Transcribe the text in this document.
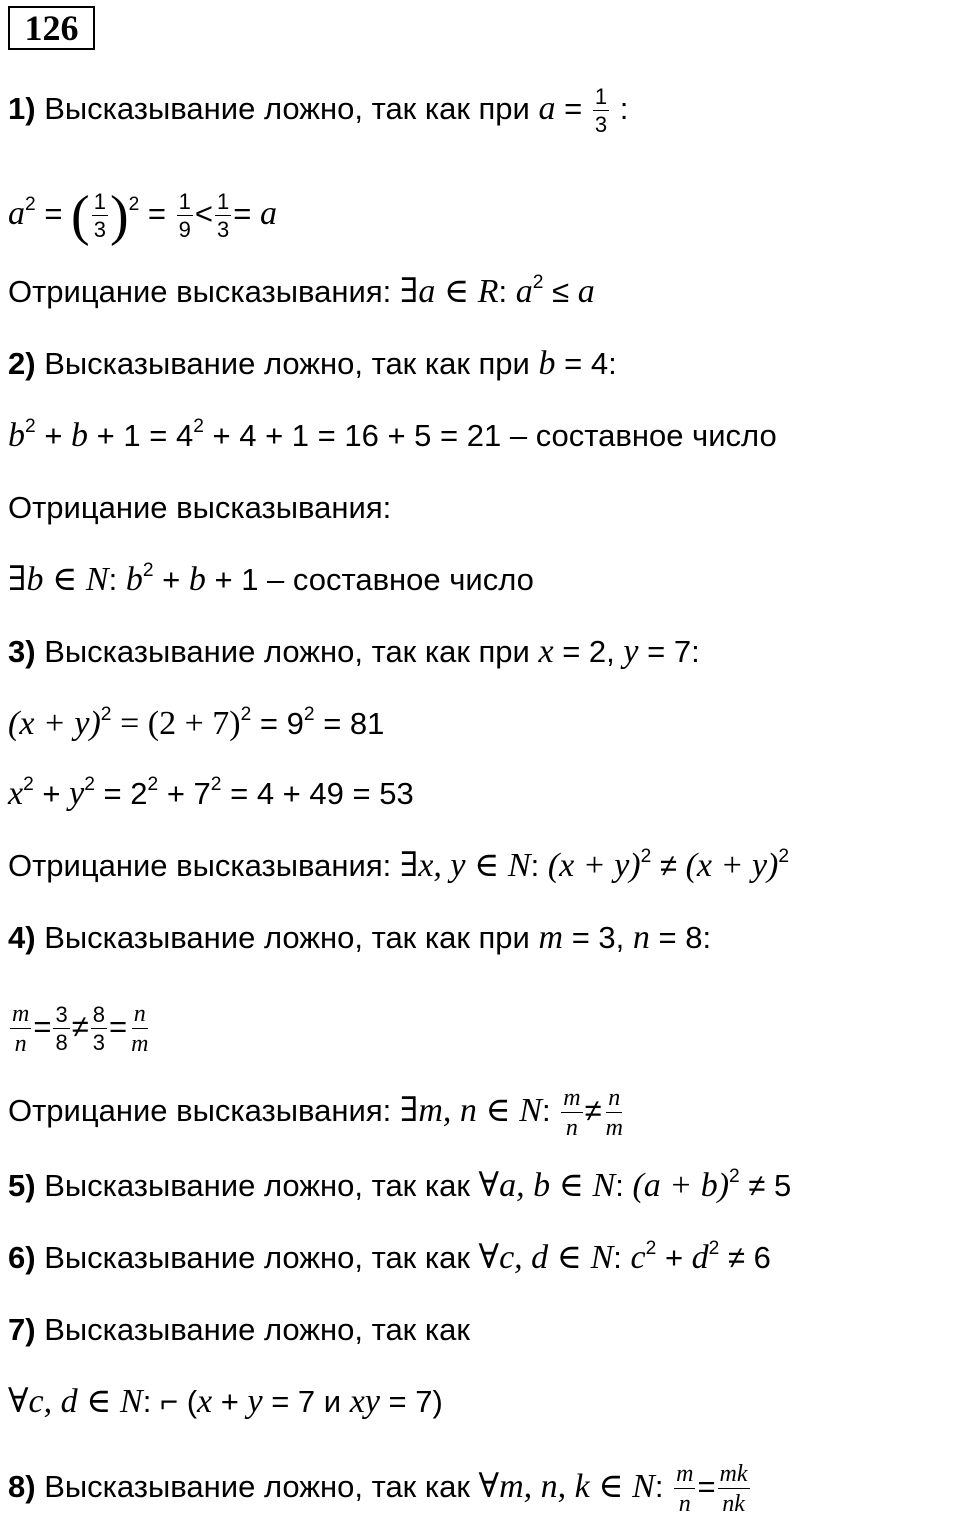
126
1) Высказывание ложно, так как при $a = \frac{1}{3}$ :
$a^2$ = ( $\frac{1}{3} )^2 = \frac{1}{9} < \frac{1}{3} = a$
Отрицание высказывания: ∃a ∈ R: $a^2 \le a$
2) Высказывание ложно, так как при b = 4:
$b^2 + b + 1 = 4^2 + 4 + 1 = 16 + 5 = 21$ – составное число
Отрицание высказывания:
∃b ∈ N: $b^2 + b + 1$ – составное число
3) Высказывание ложно, так как при x = 2, y = 7:
$(x + y)^2 = (2 + 7)^2 = 9^2 = 81$
$x^2 + y^2 = 2^2 + 7^2 = 4 + 49 = 53$
Отрицание высказывания: ∃x, y ∈ N: $(x + y)^2 \ne (x + y)^2$
4) Высказывание ложно, так как при m = 3, n = 8:
$\frac{m}{n} = \frac{3}{8} \ne \frac{8}{3} = \frac{n}{m}$
Отрицание высказывания: ∃m, n ∈ N: $\frac{m}{n} \ne \frac{n}{m}$
5) Высказывание ложно, так как ∀a, b ∈ N: $(a + b)^2 \ne 5$
6) Высказывание ложно, так как ∀c, d ∈ N: $c^2 + d^2 \ne 6$
7) Высказывание ложно, так как
∀c, d ∈ N: ⌐ (x + y = 7 и xy = 7)
8) Высказывание ложно, так как ∀m, n, k ∈ N: $\frac{m}{n} = \frac{mk}{nk}$
